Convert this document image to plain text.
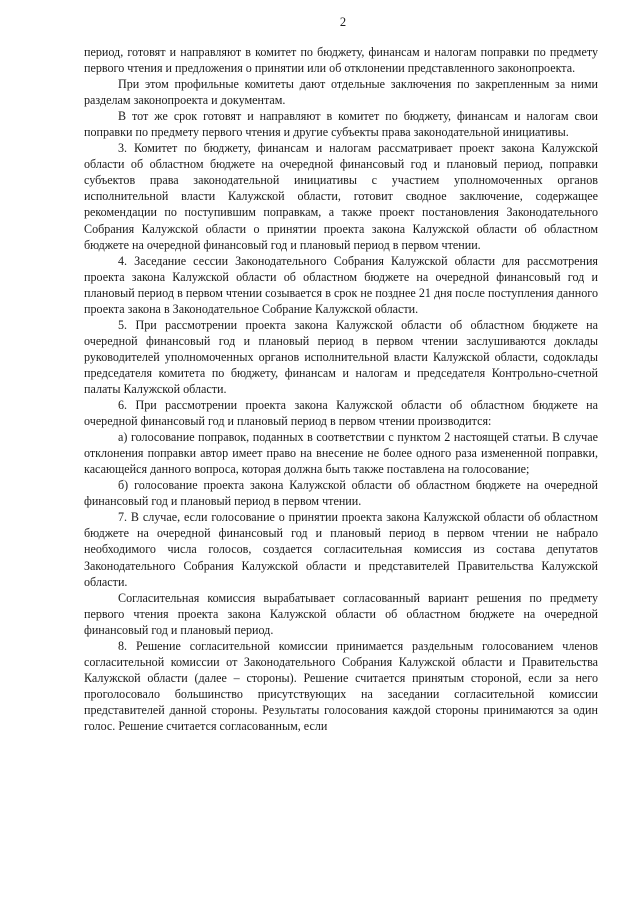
2

период, готовят и направляют в комитет по бюджету, финансам и налогам поправки по предмету первого чтения и предложения о принятии или об отклонении представленного законопроекта.

При этом профильные комитеты дают отдельные заключения по закрепленным за ними разделам законопроекта и документам.

В тот же срок готовят и направляют в комитет по бюджету, финансам и налогам свои поправки по предмету первого чтения и другие субъекты права законодательной инициативы.

3. Комитет по бюджету, финансам и налогам рассматривает проект закона Калужской области об областном бюджете на очередной финансовый год и плановый период, поправки субъектов права законодательной инициативы с участием уполномоченных органов исполнительной власти Калужской области, готовит сводное заключение, содержащее рекомендации по поступившим поправкам, а также проект постановления Законодательного Собрания Калужской области о принятии проекта закона Калужской области об областном бюджете на очередной финансовый год и плановый период в первом чтении.

4. Заседание сессии Законодательного Собрания Калужской области для рассмотрения проекта закона Калужской области об областном бюджете на очередной финансовый год и плановый период в первом чтении созывается в срок не позднее 21 дня после поступления данного проекта закона в Законодательное Собрание Калужской области.

5. При рассмотрении проекта закона Калужской области об областном бюджете на очередной финансовый год и плановый период в первом чтении заслушиваются доклады руководителей уполномоченных органов исполнительной власти Калужской области, содоклады председателя комитета по бюджету, финансам и налогам и председателя Контрольно-счетной палаты Калужской области.

6. При рассмотрении проекта закона Калужской области об областном бюджете на очередной финансовый год и плановый период в первом чтении производится:

а) голосование поправок, поданных в соответствии с пунктом 2 настоящей статьи. В случае отклонения поправки автор имеет право на внесение не более одного раза измененной поправки, касающейся данного вопроса, которая должна быть также поставлена на голосование;

б) голосование проекта закона Калужской области об областном бюджете на очередной финансовый год и плановый период в первом чтении.

7. В случае, если голосование о принятии проекта закона Калужской области об областном бюджете на очередной финансовый год и плановый период в первом чтении не набрало необходимого числа голосов, создается согласительная комиссия из состава депутатов Законодательного Собрания Калужской области и представителей Правительства Калужской области.

Согласительная комиссия вырабатывает согласованный вариант решения по предмету первого чтения проекта закона Калужской области об областном бюджете на очередной финансовый год и плановый период.

8. Решение согласительной комиссии принимается раздельным голосованием членов согласительной комиссии от Законодательного Собрания Калужской области и Правительства Калужской области (далее – стороны). Решение считается принятым стороной, если за него проголосовало большинство присутствующих на заседании согласительной комиссии представителей данной стороны. Результаты голосования каждой стороны принимаются за один голос. Решение считается согласованным, если
